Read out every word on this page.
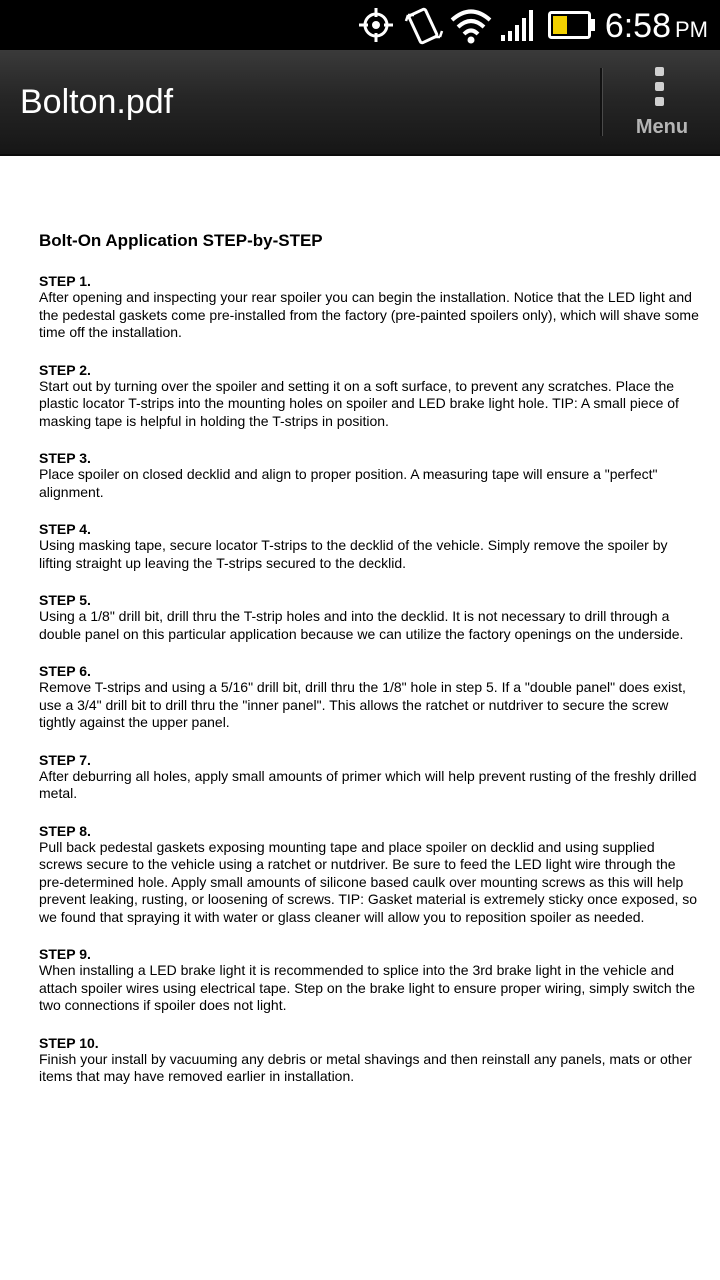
6:58 PM
Bolton.pdf
Menu
Bolt-On Application STEP-by-STEP
STEP 1.

After opening and inspecting your rear spoiler you can begin the installation. Notice that the LED light and the pedestal gaskets come pre-installed from the factory (pre-painted spoilers only), which will shave some time off the installation.

STEP 2.

Start out by turning over the spoiler and setting it on a soft surface, to prevent any scratches. Place the plastic locator T-strips into the mounting holes on spoiler and LED brake light hole. TIP: A small piece of masking tape is helpful in holding the T-strips in position.

STEP 3.

Place spoiler on closed decklid and align to proper position. A measuring tape will ensure a "perfect" alignment.

STEP 4.

Using masking tape, secure locator T-strips to the decklid of the vehicle. Simply remove the spoiler by lifting straight up leaving the T-strips secured to the decklid.

STEP 5.

Using a 1/8" drill bit, drill thru the T-strip holes and into the decklid. It is not necessary to drill through a double panel on this particular application because we can utilize the factory openings on the underside.

STEP 6.

Remove T-strips and using a 5/16" drill bit, drill thru the 1/8" hole in step 5. If a "double panel" does exist, use a 3/4" drill bit to drill thru the "inner panel". This allows the ratchet or nutdriver to secure the screw tightly against the upper panel.

STEP 7.

After deburring all holes, apply small amounts of primer which will help prevent rusting of the freshly drilled metal.

STEP 8.

Pull back pedestal gaskets exposing mounting tape and place spoiler on decklid and using supplied screws secure to the vehicle using a ratchet or nutdriver. Be sure to feed the LED light wire through the pre-determined hole. Apply small amounts of silicone based caulk over mounting screws as this will help prevent leaking, rusting, or loosening of screws. TIP: Gasket material is extremely sticky once exposed, so we found that spraying it with water or glass cleaner will allow you to reposition spoiler as needed.

STEP 9.

When installing a LED brake light it is recommended to splice into the 3rd brake light in the vehicle and attach spoiler wires using electrical tape. Step on the brake light to ensure proper wiring, simply switch the two connections if spoiler does not light.

STEP 10.

Finish your install by vacuuming any debris or metal shavings and then reinstall any panels, mats or other items that may have removed earlier in installation.
